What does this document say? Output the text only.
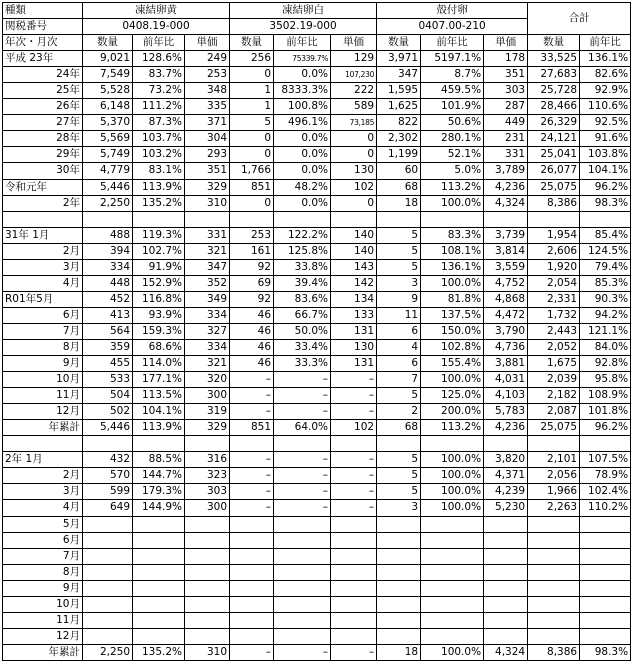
種類	凍結卵黄			凍結卵白			殻付卵			合計	
関税番号	0408.19-000			3502.19-000			0407.00-210				
年次・月次	数量	前年比	単価	数量	前年比	単価	数量	前年比	単価	数量	前年比
平成 23年	9,021	128.6%	249	256	75339.7%	129	3,971	5197.1%	178	33,525	136.1%
24年	7,549	83.7%	253	0	0.0%	107,230	347	8.7%	351	27,683	82.6%
25年	5,528	73.2%	348	1	8333.3%	222	1,595	459.5%	303	25,728	92.9%
26年	6,148	111.2%	335	1	100.8%	589	1,625	101.9%	287	28,466	110.6%
27年	5,370	87.3%	371	5	496.1%	73,185	822	50.6%	449	26,329	92.5%
28年	5,569	103.7%	304	0	0.0%	0	2,302	280.1%	231	24,121	91.6%
29年	5,749	103.2%	293	0	0.0%	0	1,199	52.1%	331	25,041	103.8%
30年	4,779	83.1%	351	1,766	0.0%	130	60	5.0%	3,789	26,077	104.1%
令和元年	5,446	113.9%	329	851	48.2%	102	68	113.2%	4,236	25,075	96.2%
2年	2,250	135.2%	310	0	0.0%	0	18	100.0%	4,324	8,386	98.3%

31年 1月	488	119.3%	331	253	122.2%	140	5	83.3%	3,739	1,954	85.4%
2月	394	102.7%	321	161	125.8%	140	5	108.1%	3,814	2,606	124.5%
3月	334	91.9%	347	92	33.8%	143	5	136.1%	3,559	1,920	79.4%
4月	448	152.9%	352	69	39.4%	142	3	100.0%	4,752	2,054	85.3%
R01年5月	452	116.8%	349	92	83.6%	134	9	81.8%	4,868	2,331	90.3%
6月	413	93.9%	334	46	66.7%	133	11	137.5%	4,472	1,732	94.2%
7月	564	159.3%	327	46	50.0%	131	6	150.0%	3,790	2,443	121.1%
8月	359	68.6%	334	46	33.4%	130	4	102.8%	4,736	2,052	84.0%
9月	455	114.0%	321	46	33.3%	131	6	155.4%	3,881	1,675	92.8%
10月	533	177.1%	320	–	–	–	7	100.0%	4,031	2,039	95.8%
11月	504	113.5%	300	–	–	–	5	125.0%	4,103	2,182	108.9%
12月	502	104.1%	319	–	–	–	2	200.0%	5,783	2,087	101.8%
年累計	5,446	113.9%	329	851	64.0%	102	68	113.2%	4,236	25,075	96.2%

2年 1月	432	88.5%	316	–	–	–	5	100.0%	3,820	2,101	107.5%
2月	570	144.7%	323	–	–	–	5	100.0%	4,371	2,056	78.9%
3月	599	179.3%	303	–	–	–	5	100.0%	4,239	1,966	102.4%
4月	649	144.9%	300	–	–	–	3	100.0%	5,230	2,263	110.2%
5月											
6月											
7月											
8月											
9月											
10月											
11月											
12月											
年累計	2,250	135.2%	310	–	–	–	18	100.0%	4,324	8,386	98.3%
